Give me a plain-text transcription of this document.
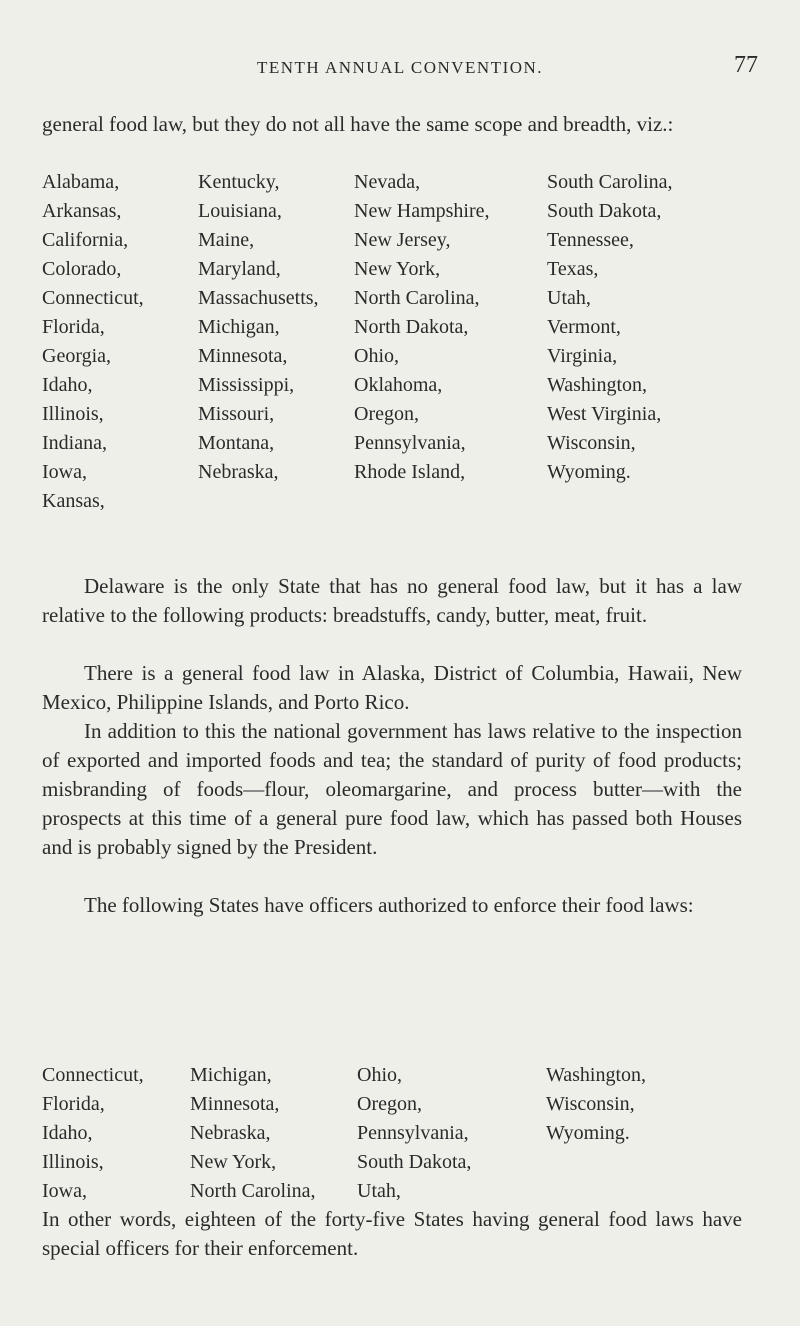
TENTH ANNUAL CONVENTION.	77

general food law, but they do not all have the same scope and breadth, viz.:

Alabama,	Kentucky,	Nevada,	South Carolina,
Arkansas,	Louisiana,	New Hampshire,	South Dakota,
California,	Maine,	New Jersey,	Tennessee,
Colorado,	Maryland,	New York,	Texas,
Connecticut,	Massachusetts,	North Carolina,	Utah,
Florida,	Michigan,	North Dakota,	Vermont,
Georgia,	Minnesota,	Ohio,	Virginia,
Idaho,	Mississippi,	Oklahoma,	Washington,
Illinois,	Missouri,	Oregon,	West Virginia,
Indiana,	Montana,	Pennsylvania,	Wisconsin,
Iowa,	Nebraska,	Rhode Island,	Wyoming.
Kansas,

Delaware is the only State that has no general food law, but it has a law relative to the following products: breadstuffs, candy, butter, meat, fruit.

There is a general food law in Alaska, District of Columbia, Hawaii, New Mexico, Philippine Islands, and Porto Rico.

In addition to this the national government has laws relative to the inspection of exported and imported foods and tea; the standard of purity of food products; misbranding of foods—flour, oleomargarine, and process butter—with the prospects at this time of a general pure food law, which has passed both Houses and is probably signed by the President.

The following States have officers authorized to enforce their food laws:

Connecticut,	Michigan,	Ohio,	Washington,
Florida,	Minnesota,	Oregon,	Wisconsin,
Idaho,	Nebraska,	Pennsylvania,	Wyoming.
Illinois,	New York,	South Dakota,
Iowa,	North Carolina,	Utah,

In other words, eighteen of the forty-five States having general food laws have special officers for their enforcement.
